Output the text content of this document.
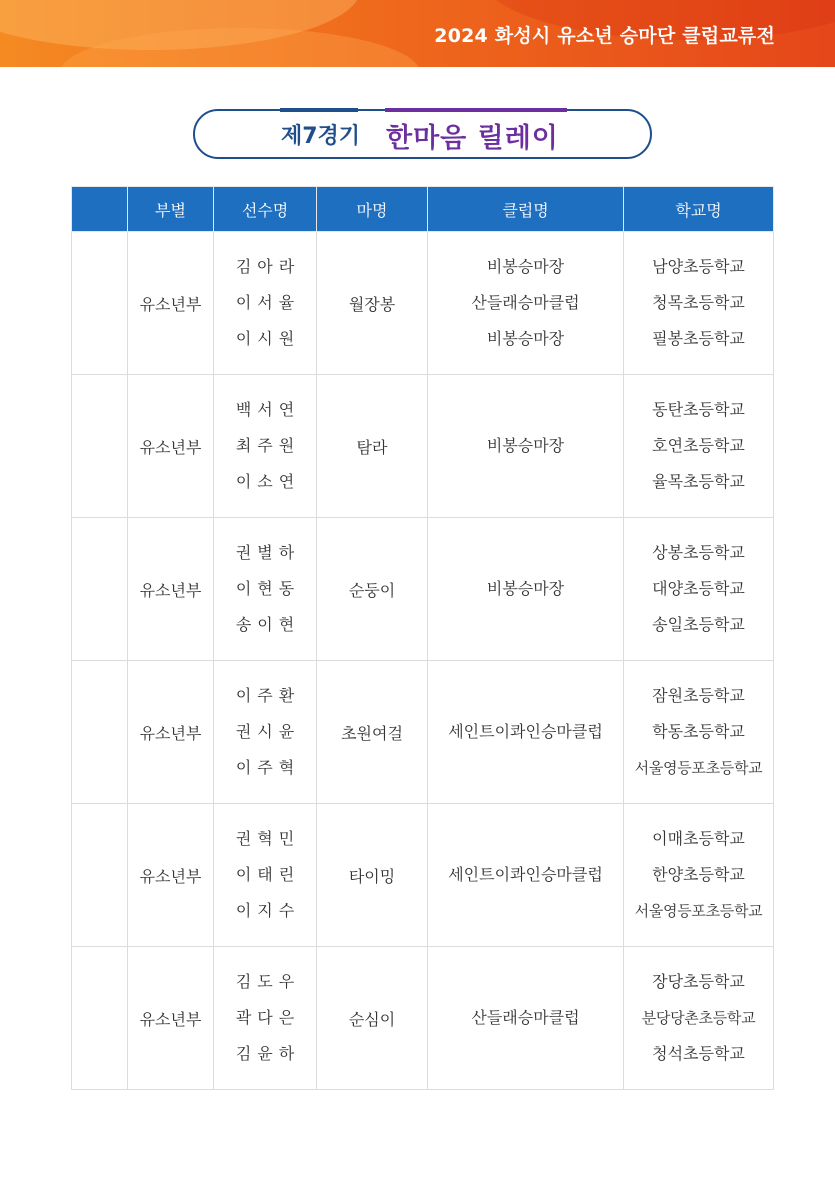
2024 화성시 유소년 승마단 클럽교류전
제7경기 한마음 릴레이
	부별	선수명	마명	클럽명	학교명
	유소년부	김아라
이서율
이시원	월장봉	비봉승마장
산들래승마클럽
비봉승마장	남양초등학교
청목초등학교
필봉초등학교

	유소년부	백서연
최주원
이소연	탐라	비봉승마장	동탄초등학교
호연초등학교
율목초등학교

	유소년부	권별하
이현동
송이현	순둥이	비봉승마장	상봉초등학교
대양초등학교
송일초등학교

	유소년부	이주환
권시윤
이주혁	초원여걸	세인트이콰인승마클럽	잠원초등학교
학동초등학교
서울영등포초등학교

	유소년부	권혁민
이태린
이지수	타이밍	세인트이콰인승마클럽	이매초등학교
한양초등학교
서울영등포초등학교

	유소년부	김도우
곽다은
김윤하	순심이	산들래승마클럽	장당초등학교
분당당촌초등학교
청석초등학교
